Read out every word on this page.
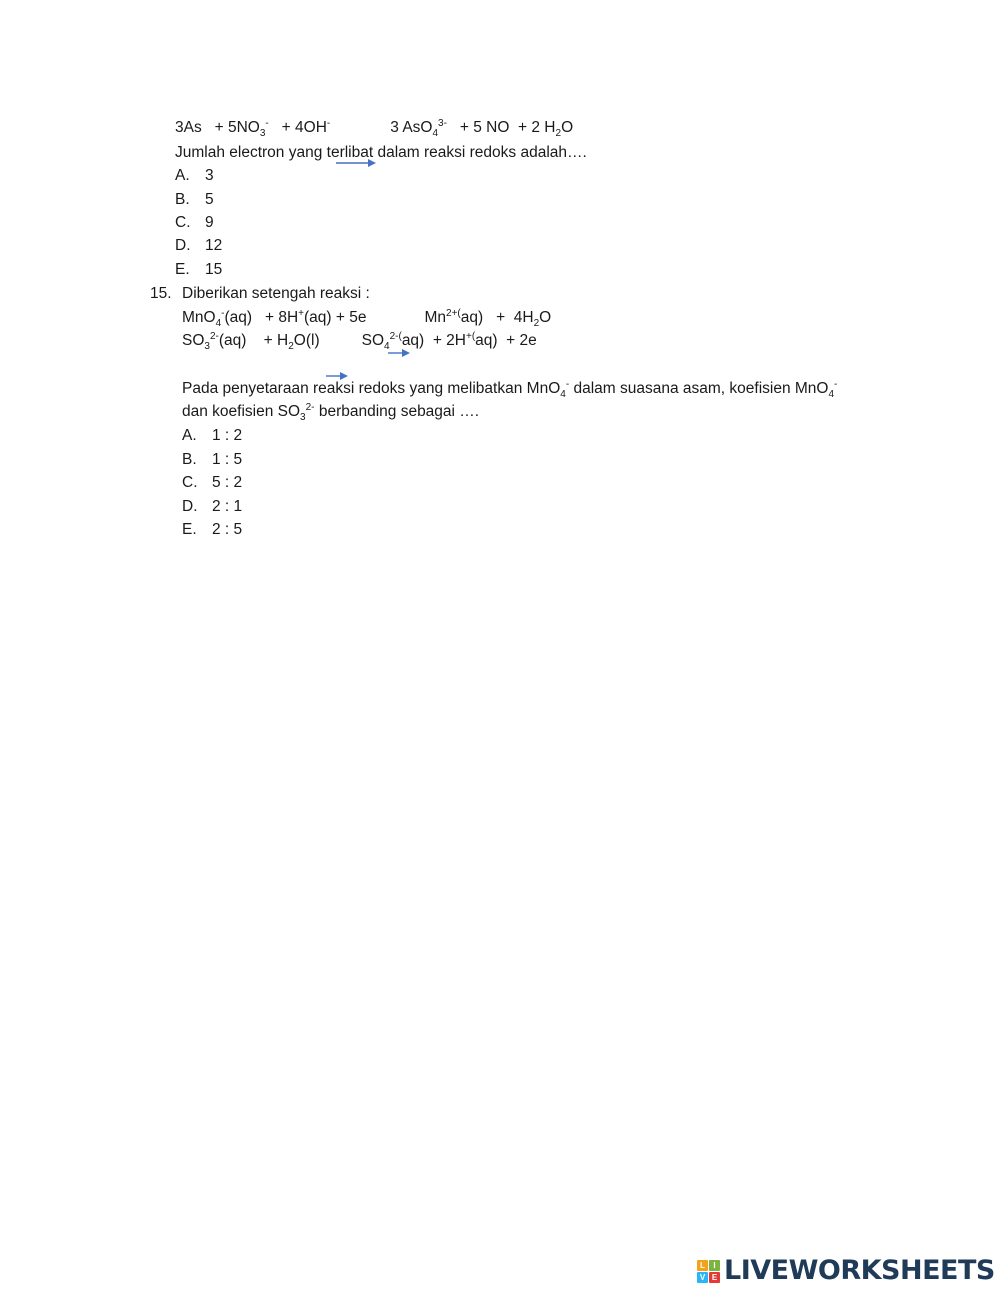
$3As + 5NO_3^- + 4OH^-$

→ 3 AsO$_4^{3-}$   + 5 NO  + 2 $H_2O$
Jumlah electron yang terlibat dalam reaksi redoks adalah….
A. 3
B. 5
C. 9
D. 12
E. 15
15. Diberikan setengah reaksi :
MnO$_4$-(aq)   + 8H+(aq) + 5e

→ $Mn^{2+(}aq) + 4H_2O$
$SO_3^{2-}(aq)$    + $H_2O(l)$

→ $SO_4^{2-(}aq) + 2H^{+(}aq) + 2e$
Pada penyetaraan reaksi redoks yang melibatkan MnO$_4$- dalam suasana asam, koefisien MnO$_4$-
dan koefisien $SO_3^{2-}$ berbanding sebagai ….
A. 1 : 2
B. 1 : 5
C. 5 : 2
D. 2 : 1
E. 2 : 5
L	I
V E LIVEWORKSHEETS
